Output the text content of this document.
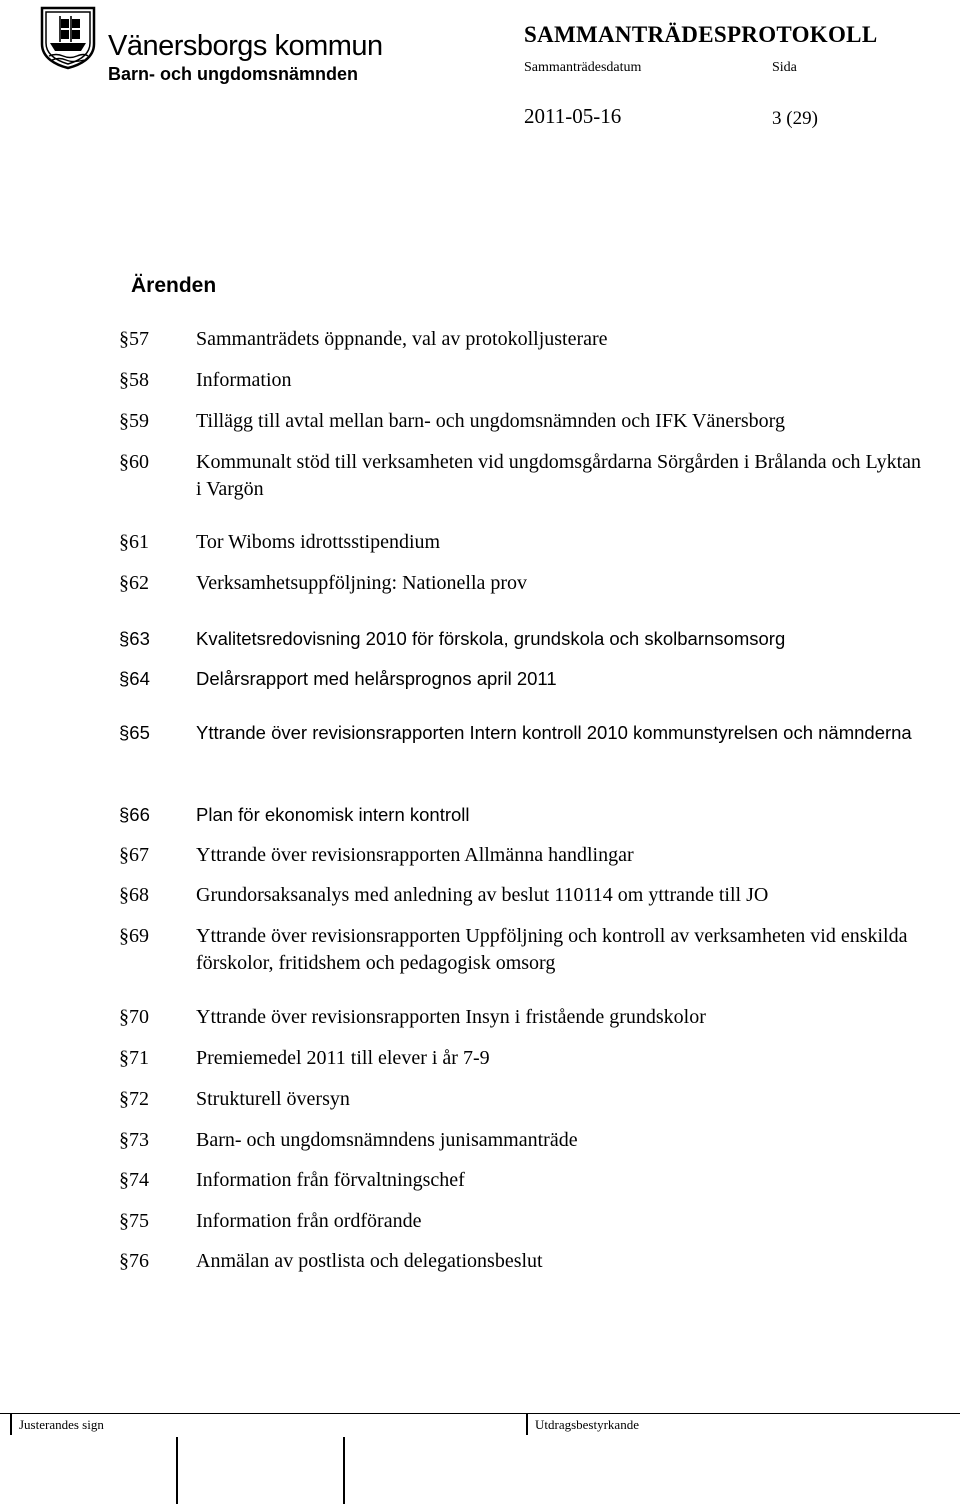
Vänersborgs kommun
Barn- och ungdomsnämnden
SAMMANTRÄDESPROTOKOLL
Sammanträdesdatum	Sida
2011-05-16	3 (29)
Ärenden
§57 Sammanträdets öppnande, val av protokolljusterare
§58 Information
§59 Tillägg till avtal mellan barn- och ungdomsnämnden och IFK Vänersborg
§60 Kommunalt stöd till verksamheten vid ungdomsgårdarna Sörgården i Brålanda och Lyktan i Vargön
§61 Tor Wiboms idrottsstipendium
§62 Verksamhetsuppföljning: Nationella prov
§63 Kvalitetsredovisning 2010 för förskola, grundskola och skolbarnsomsorg
§64 Delårsrapport med helårsprognos april 2011
§65 Yttrande över revisionsrapporten Intern kontroll 2010 kommunstyrelsen och nämnderna
§66 Plan för ekonomisk intern kontroll
§67 Yttrande över revisionsrapporten Allmänna handlingar
§68 Grundorsaksanalys med anledning av beslut 110114 om yttrande till JO
§69 Yttrande över revisionsrapporten Uppföljning och kontroll av verksamheten vid enskilda förskolor, fritidshem och pedagogisk omsorg
§70 Yttrande över revisionsrapporten Insyn i fristående grundskolor
§71 Premiemedel 2011 till elever i år 7-9
§72 Strukturell översyn
§73 Barn- och ungdomsnämndens junisammanträde
§74 Information från förvaltningschef
§75 Information från ordförande
§76 Anmälan av postlista och delegationsbeslut
Justerandes sign	Utdragsbestyrkande
